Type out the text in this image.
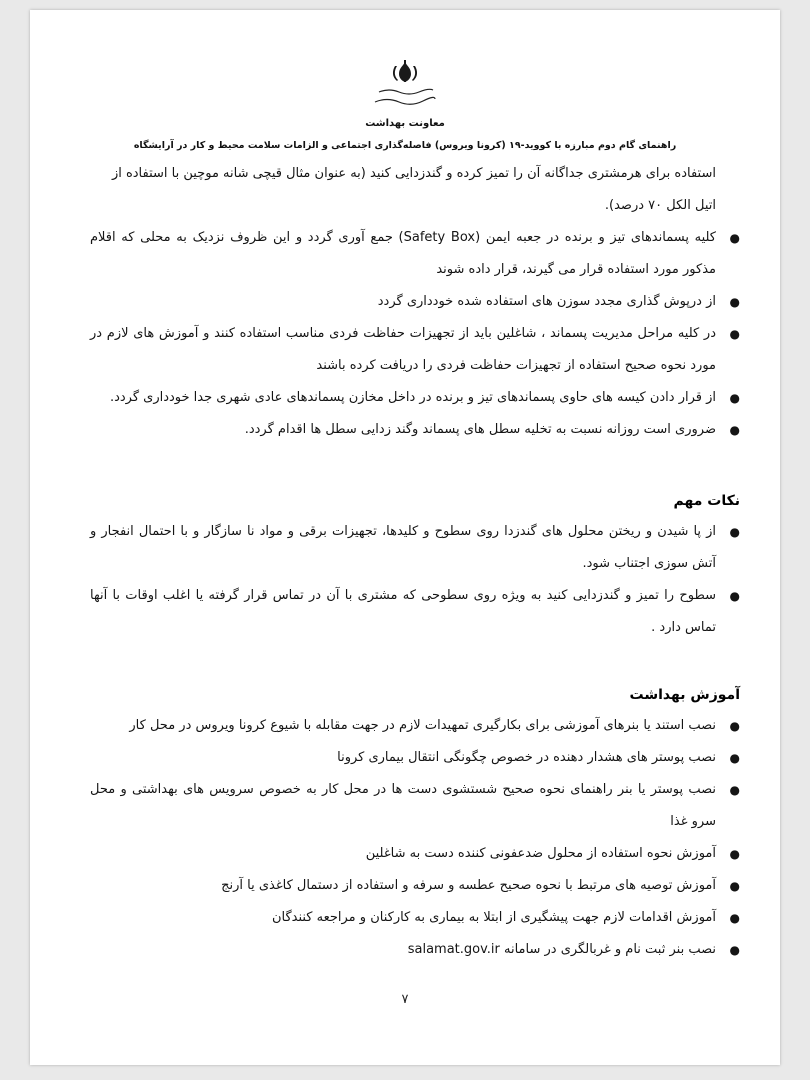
معاونت بهداشت
راهنمای گام دوم مبارزه با کووید-۱۹ (کرونا ویروس) فاصله‌گذاری اجتماعی و الزامات سلامت محیط و کار در آرایشگاه

استفاده برای هرمشتری جداگانه آن را تمیز کرده و گندزدایی کنید (به عنوان مثال قیچی شانه موچین با استفاده از اتیل الکل ۷۰ درصد).

●
کلیه پسماندهای تیز و برنده در جعبه ایمن (Safety Box) جمع آوری گردد و این ظروف نزدیک به محلی که اقلام مذکور مورد استفاده قرار می گیرند، قرار داده شوند
●
از درپوش گذاری مجدد سوزن های استفاده شده خودداری گردد
●
در کلیه مراحل مدیریت پسماند ، شاغلین باید از تجهیزات حفاظت فردی مناسب استفاده کنند و آموزش های لازم در مورد نحوه صحیح استفاده از تجهیزات حفاظت فردی را دریافت کرده باشند
●
از قرار دادن کیسه های حاوی پسماندهای تیز و برنده در داخل مخازن پسماندهای عادی شهری جدا خودداری گردد.
●
ضروری است روزانه نسبت به تخلیه سطل های پسماند وگند زدایی سطل ها اقدام گردد.
نکات مهم
●
از پا شیدن و ریختن محلول های گندزدا روی سطوح و کلیدها، تجهیزات برقی و مواد نا سازگار و با احتمال انفجار و آتش سوزی اجتناب شود.
●
سطوح را تمیز و گندزدایی کنید به ویژه روی سطوحی که مشتری با آن در تماس قرار گرفته یا اغلب اوقات با آنها تماس دارد .
آموزش بهداشت
●
نصب استند یا بنرهای آموزشی برای بکارگیری تمهیدات لازم در جهت مقابله با شیوع کرونا ویروس در محل کار
●
نصب پوستر های هشدار دهنده در خصوص چگونگی انتقال بیماری کرونا
●
نصب پوستر یا بنر راهنمای نحوه صحیح شستشوی دست ها در محل کار به خصوص سرویس های بهداشتی و محل سرو غذا
●
آموزش نحوه استفاده از محلول ضدعفونی کننده دست به شاغلین
●
آموزش توصیه های مرتبط با نحوه صحیح عطسه و سرفه و استفاده از دستمال کاغذی یا آرنج
●
آموزش اقدامات لازم جهت پیشگیری از ابتلا به بیماری به کارکنان و مراجعه کنندگان
●
نصب بنر ثبت نام و غربالگری در سامانه salamat.gov.ir
۷
